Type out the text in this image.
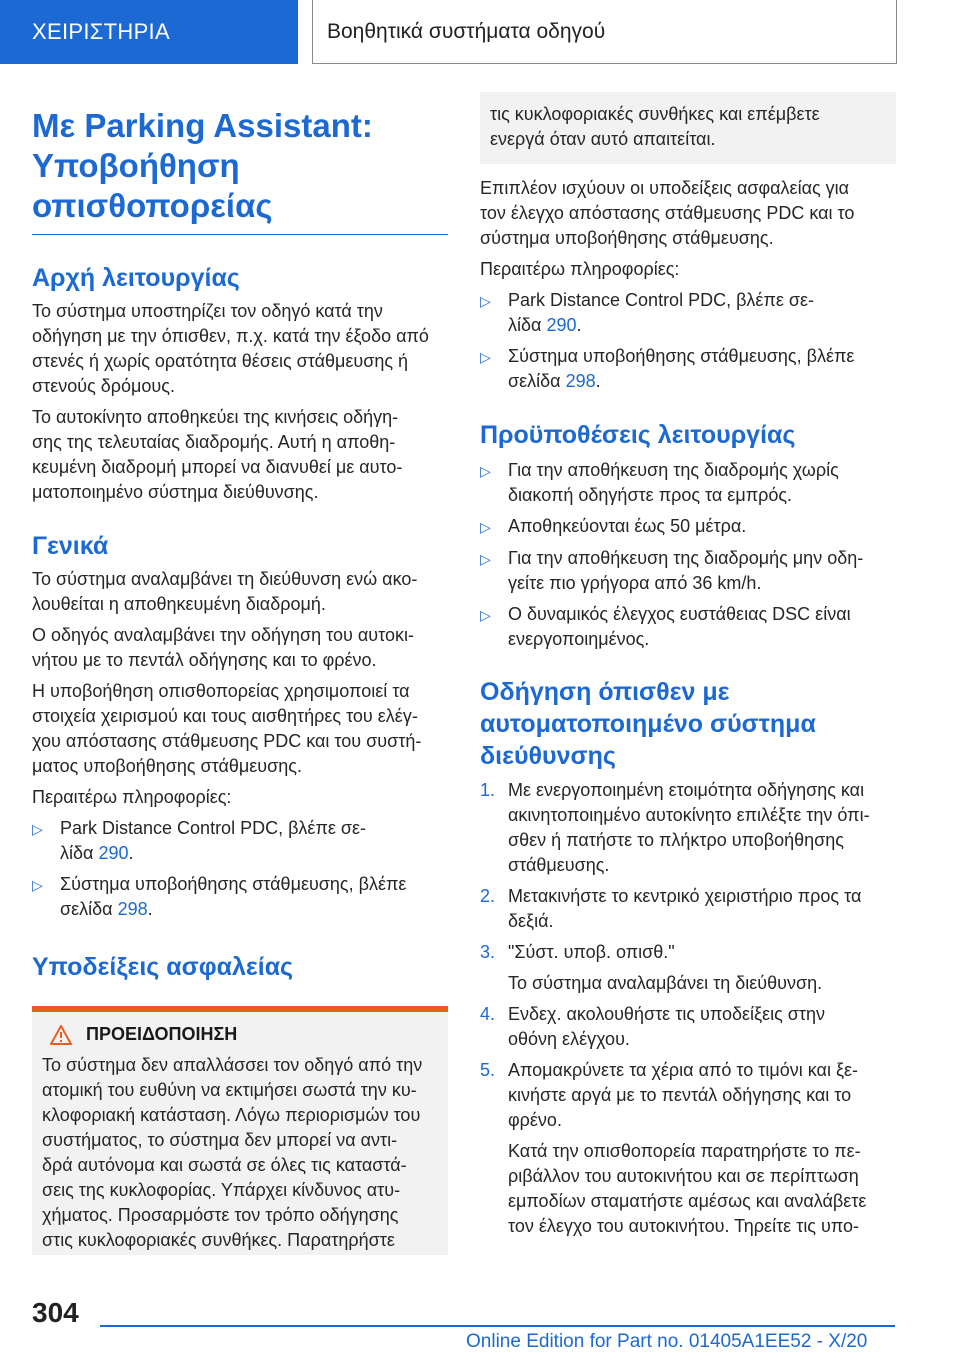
ΧΕΙΡΙΣΤΗΡΙΑ	Βοηθητικά συστήματα οδηγού
Με Parking Assistant:
Υποβοήθηση
οπισθοπορείας
Αρχή λειτουργίας

Το σύστημα υποστηρίζει τον οδηγό κατά την
οδήγηση με την όπισθεν, π.χ. κατά την έξοδο από
στενές ή χωρίς ορατότητα θέσεις στάθμευσης ή
στενούς δρόμους.

Το αυτοκίνητο αποθηκεύει της κινήσεις οδήγη-
σης της τελευταίας διαδρομής. Αυτή η αποθη-
κευμένη διαδρομή μπορεί να διανυθεί με αυτο-
ματοποιημένο σύστημα διεύθυνσης.

Γενικά

Το σύστημα αναλαμβάνει τη διεύθυνση ενώ ακο-
λουθείται η αποθηκευμένη διαδρομή.

Ο οδηγός αναλαμβάνει την οδήγηση του αυτοκι-
νήτου με το πεντάλ οδήγησης και το φρένο.

Η υποβοήθηση οπισθοπορείας χρησιμοποιεί τα
στοιχεία χειρισμού και τους αισθητήρες του ελέγ-
χου απόστασης στάθμευσης PDC και του συστή-
ματος υποβοήθησης στάθμευσης.

Περαιτέρω πληροφορίες:

▷ Park Distance Control PDC, βλέπε σε-
λίδα 290.
▷ Σύστημα υποβοήθησης στάθμευσης, βλέπε
σελίδα 298.
Υποδείξεις ασφαλείας
ΠΡΟΕΙΔΟΠΟΙΗΣΗ

Το σύστημα δεν απαλλάσσει τον οδηγό από την
ατομική του ευθύνη να εκτιμήσει σωστά την κυ-
κλοφοριακή κατάσταση. Λόγω περιορισμών του
συστήματος, το σύστημα δεν μπορεί να αντι-
δρά αυτόνομα και σωστά σε όλες τις καταστά-
σεις της κυκλοφορίας. Υπάρχει κίνδυνος ατυ-
χήματος. Προσαρμόστε τον τρόπο οδήγησης
στις κυκλοφοριακές συνθήκες. Παρατηρήστε

τις κυκλοφοριακές συνθήκες και επέμβετε
ενεργά όταν αυτό απαιτείται.

Επιπλέον ισχύουν οι υποδείξεις ασφαλείας για
τον έλεγχο απόστασης στάθμευσης PDC και το
σύστημα υποβοήθησης στάθμευσης.

Περαιτέρω πληροφορίες:

▷ Park Distance Control PDC, βλέπε σε-
λίδα 290.
▷ Σύστημα υποβοήθησης στάθμευσης, βλέπε
σελίδα 298.
Προϋποθέσεις λειτουργίας
▷ Για την αποθήκευση της διαδρομής χωρίς
διακοπή οδηγήστε προς τα εμπρός.
▷ Αποθηκεύονται έως 50 μέτρα.
▷ Για την αποθήκευση της διαδρομής μην οδη-
γείτε πιο γρήγορα από 36 km/h.
▷ Ο δυναμικός έλεγχος ευστάθειας DSC είναι
ενεργοποιημένος.
Οδήγηση όπισθεν με
αυτοματοποιημένο σύστημα
διεύθυνσης
1. Με ενεργοποιημένη ετοιμότητα οδήγησης και
ακινητοποιημένο αυτοκίνητο επιλέξτε την όπι-
σθεν ή πατήστε το πλήκτρο υποβοήθησης
στάθμευσης.
2. Μετακινήστε το κεντρικό χειριστήριο προς τα
δεξιά.
3. "Σύστ. υποβ. οπισθ."
Το σύστημα αναλαμβάνει τη διεύθυνση.
4. Ενδεχ. ακολουθήστε τις υποδείξεις στην
οθόνη ελέγχου.
5. Απομακρύνετε τα χέρια από το τιμόνι και ξε-
κινήστε αργά με το πεντάλ οδήγησης και το
φρένο.
Κατά την οπισθοπορεία παρατηρήστε το πε-
ριβάλλον του αυτοκινήτου και σε περίπτωση
εμποδίων σταματήστε αμέσως και αναλάβετε
τον έλεγχο του αυτοκινήτου. Τηρείτε τις υπο-
304
Online Edition for Part no. 01405A1EE52 - X/20
